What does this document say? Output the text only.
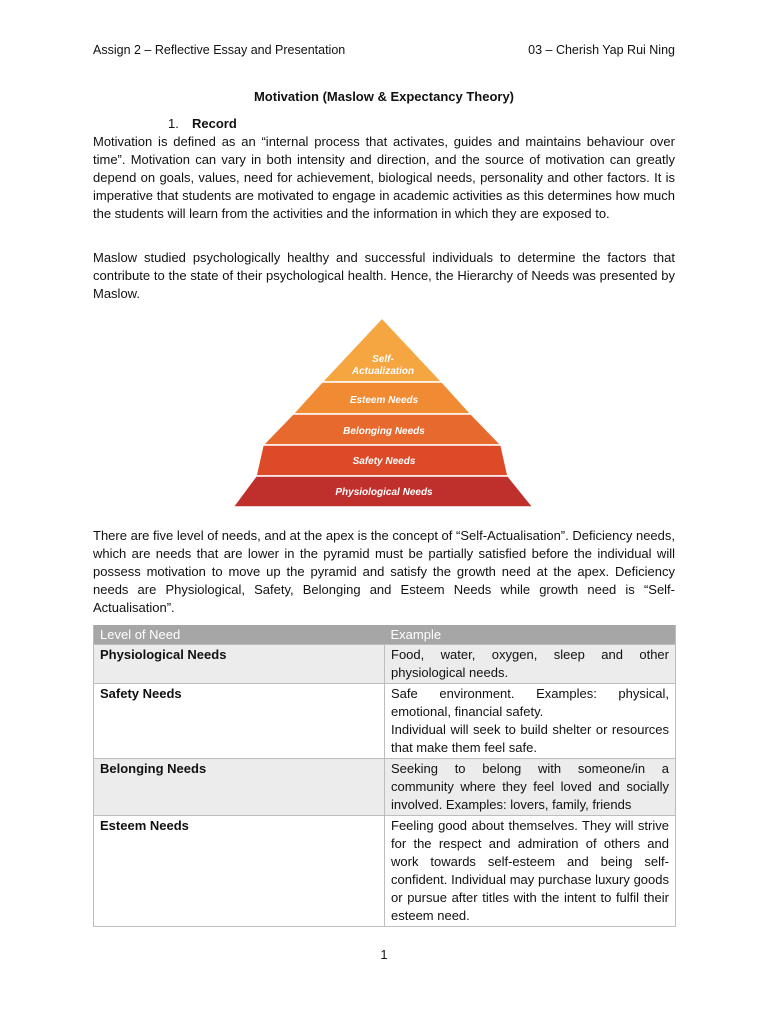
Assign 2 – Reflective Essay and Presentation	03 – Cherish Yap Rui Ning
Motivation (Maslow & Expectancy Theory)
1. Record

Motivation is defined as an “internal process that activates, guides and maintains behaviour over time”. Motivation can vary in both intensity and direction, and the source of motivation can greatly depend on goals, values, need for achievement, biological needs, personality and other factors. It is imperative that students are motivated to engage in academic activities as this determines how much the students will learn from the activities and the information in which they are exposed to.

Maslow studied psychologically healthy and successful individuals to determine the factors that contribute to the state of their psychological health. Hence, the Hierarchy of Needs was presented by Maslow.

Self-
Actualization
Esteem Needs
Belonging Needs
Safety Needs
Physiological Needs

There are five level of needs, and at the apex is the concept of “Self-Actualisation”. Deficiency needs, which are needs that are lower in the pyramid must be partially satisfied before the individual will possess motivation to move up the pyramid and satisfy the growth need at the apex. Deficiency needs are Physiological, Safety, Belonging and Esteem Needs while growth need is “Self-Actualisation”.

Level of Need	Example
Physiological Needs	Food, water, oxygen, sleep and other physiological needs.
Safety Needs	Safe environment. Examples: physical, emotional, financial safety.
Individual will seek to build shelter or resources that make them feel safe.

Belonging Needs	Seeking to belong with someone/in a community where they feel loved and socially involved. Examples: lovers, family, friends
Esteem Needs	Feeling good about themselves. They will strive for the respect and admiration of others and work towards self-esteem and being self-confident. Individual may purchase luxury goods or pursue after titles with the intent to fulfil their esteem need.
1
